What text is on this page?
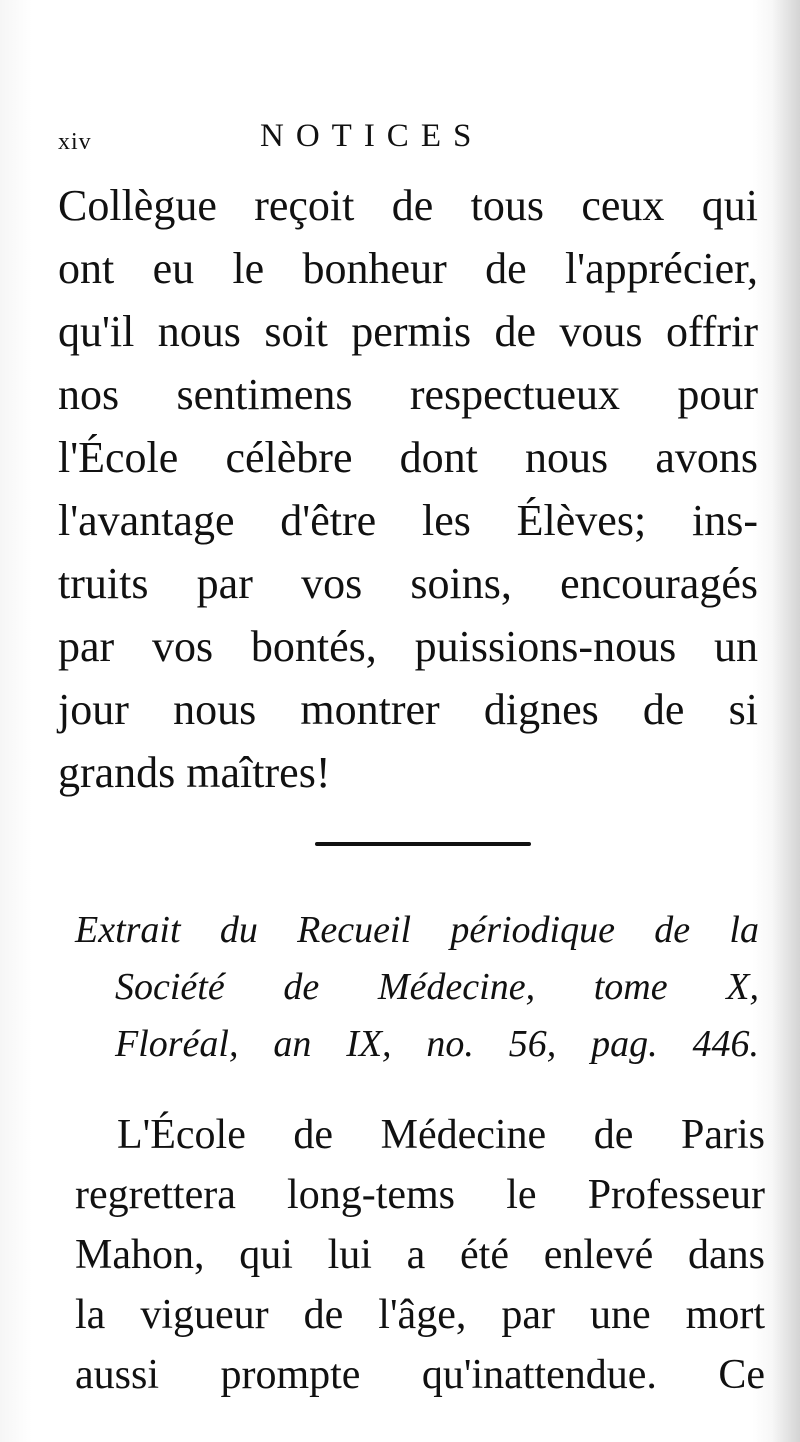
xiv	NOTICES
Collègue reçoit de tous ceux qui
ont eu le bonheur de l'apprécier,
qu'il nous soit permis de vous offrir
nos sentimens respectueux pour
l'École célèbre dont nous avons
l'avantage d'être les Élèves; ins-
truits par vos soins, encouragés
par vos bontés, puissions-nous un
jour nous montrer dignes de si
grands maîtres!
Extrait du Recueil périodique de la
Société de Médecine, tome X,
Floréal, an IX, no. 56, pag. 446.
L'École de Médecine de Paris
regrettera long-tems le Professeur
Mahon, qui lui a été enlevé dans
la vigueur de l'âge, par une mort
aussi prompte qu'inattendue. Ce
